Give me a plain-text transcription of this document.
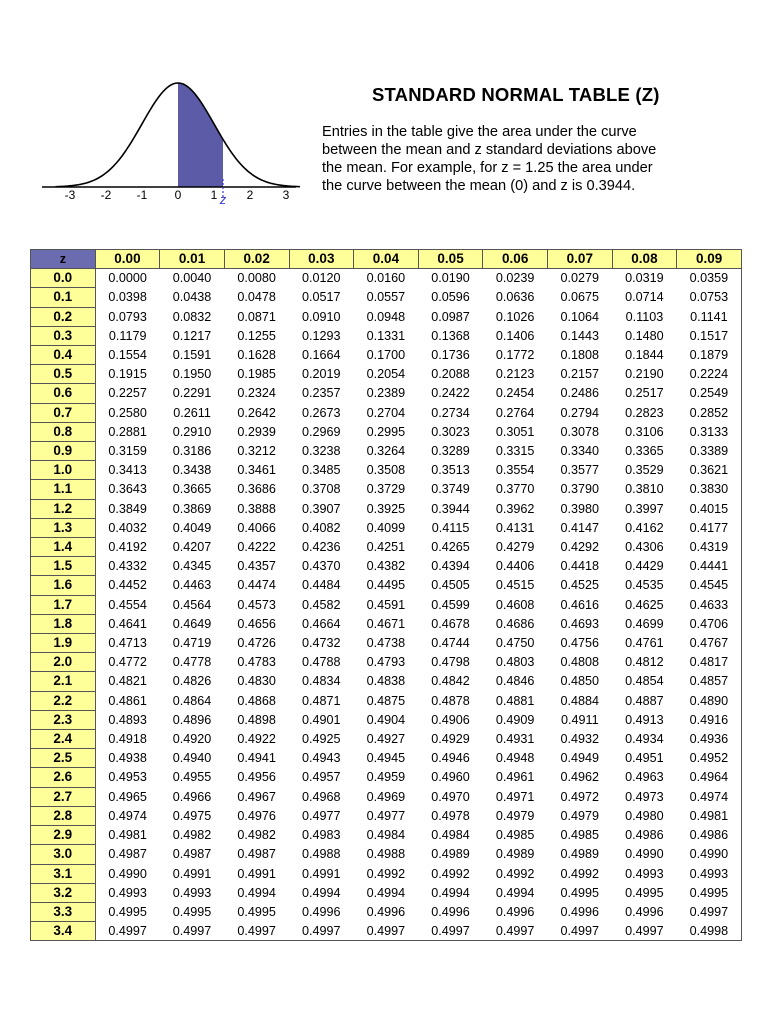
-3 -2 -1 0 1 2 3
z
STANDARD NORMAL TABLE (Z)

Entries in the table give the area under the curve

between the mean and z standard deviations above

the mean. For example, for z = 1.25 the area under

the curve between the mean (0) and z is 0.3944.

z	0.00	0.01	0.02	0.03	0.04	0.05	0.06	0.07	0.08	0.09
0.0	0.0000	0.0040	0.0080	0.0120	0.0160	0.0190	0.0239	0.0279	0.0319	0.0359
0.1	0.0398	0.0438	0.0478	0.0517	0.0557	0.0596	0.0636	0.0675	0.0714	0.0753
0.2	0.0793	0.0832	0.0871	0.0910	0.0948	0.0987	0.1026	0.1064	0.1103	0.1141
0.3	0.1179	0.1217	0.1255	0.1293	0.1331	0.1368	0.1406	0.1443	0.1480	0.1517
0.4	0.1554	0.1591	0.1628	0.1664	0.1700	0.1736	0.1772	0.1808	0.1844	0.1879
0.5	0.1915	0.1950	0.1985	0.2019	0.2054	0.2088	0.2123	0.2157	0.2190	0.2224
0.6	0.2257	0.2291	0.2324	0.2357	0.2389	0.2422	0.2454	0.2486	0.2517	0.2549
0.7	0.2580	0.2611	0.2642	0.2673	0.2704	0.2734	0.2764	0.2794	0.2823	0.2852
0.8	0.2881	0.2910	0.2939	0.2969	0.2995	0.3023	0.3051	0.3078	0.3106	0.3133
0.9	0.3159	0.3186	0.3212	0.3238	0.3264	0.3289	0.3315	0.3340	0.3365	0.3389
1.0	0.3413	0.3438	0.3461	0.3485	0.3508	0.3513	0.3554	0.3577	0.3529	0.3621
1.1	0.3643	0.3665	0.3686	0.3708	0.3729	0.3749	0.3770	0.3790	0.3810	0.3830
1.2	0.3849	0.3869	0.3888	0.3907	0.3925	0.3944	0.3962	0.3980	0.3997	0.4015
1.3	0.4032	0.4049	0.4066	0.4082	0.4099	0.4115	0.4131	0.4147	0.4162	0.4177
1.4	0.4192	0.4207	0.4222	0.4236	0.4251	0.4265	0.4279	0.4292	0.4306	0.4319
1.5	0.4332	0.4345	0.4357	0.4370	0.4382	0.4394	0.4406	0.4418	0.4429	0.4441
1.6	0.4452	0.4463	0.4474	0.4484	0.4495	0.4505	0.4515	0.4525	0.4535	0.4545
1.7	0.4554	0.4564	0.4573	0.4582	0.4591	0.4599	0.4608	0.4616	0.4625	0.4633
1.8	0.4641	0.4649	0.4656	0.4664	0.4671	0.4678	0.4686	0.4693	0.4699	0.4706
1.9	0.4713	0.4719	0.4726	0.4732	0.4738	0.4744	0.4750	0.4756	0.4761	0.4767
2.0	0.4772	0.4778	0.4783	0.4788	0.4793	0.4798	0.4803	0.4808	0.4812	0.4817
2.1	0.4821	0.4826	0.4830	0.4834	0.4838	0.4842	0.4846	0.4850	0.4854	0.4857
2.2	0.4861	0.4864	0.4868	0.4871	0.4875	0.4878	0.4881	0.4884	0.4887	0.4890
2.3	0.4893	0.4896	0.4898	0.4901	0.4904	0.4906	0.4909	0.4911	0.4913	0.4916
2.4	0.4918	0.4920	0.4922	0.4925	0.4927	0.4929	0.4931	0.4932	0.4934	0.4936
2.5	0.4938	0.4940	0.4941	0.4943	0.4945	0.4946	0.4948	0.4949	0.4951	0.4952
2.6	0.4953	0.4955	0.4956	0.4957	0.4959	0.4960	0.4961	0.4962	0.4963	0.4964
2.7	0.4965	0.4966	0.4967	0.4968	0.4969	0.4970	0.4971	0.4972	0.4973	0.4974
2.8	0.4974	0.4975	0.4976	0.4977	0.4977	0.4978	0.4979	0.4979	0.4980	0.4981
2.9	0.4981	0.4982	0.4982	0.4983	0.4984	0.4984	0.4985	0.4985	0.4986	0.4986
3.0	0.4987	0.4987	0.4987	0.4988	0.4988	0.4989	0.4989	0.4989	0.4990	0.4990
3.1	0.4990	0.4991	0.4991	0.4991	0.4992	0.4992	0.4992	0.4992	0.4993	0.4993
3.2	0.4993	0.4993	0.4994	0.4994	0.4994	0.4994	0.4994	0.4995	0.4995	0.4995
3.3	0.4995	0.4995	0.4995	0.4996	0.4996	0.4996	0.4996	0.4996	0.4996	0.4997
3.4	0.4997	0.4997	0.4997	0.4997	0.4997	0.4997	0.4997	0.4997	0.4997	0.4998
